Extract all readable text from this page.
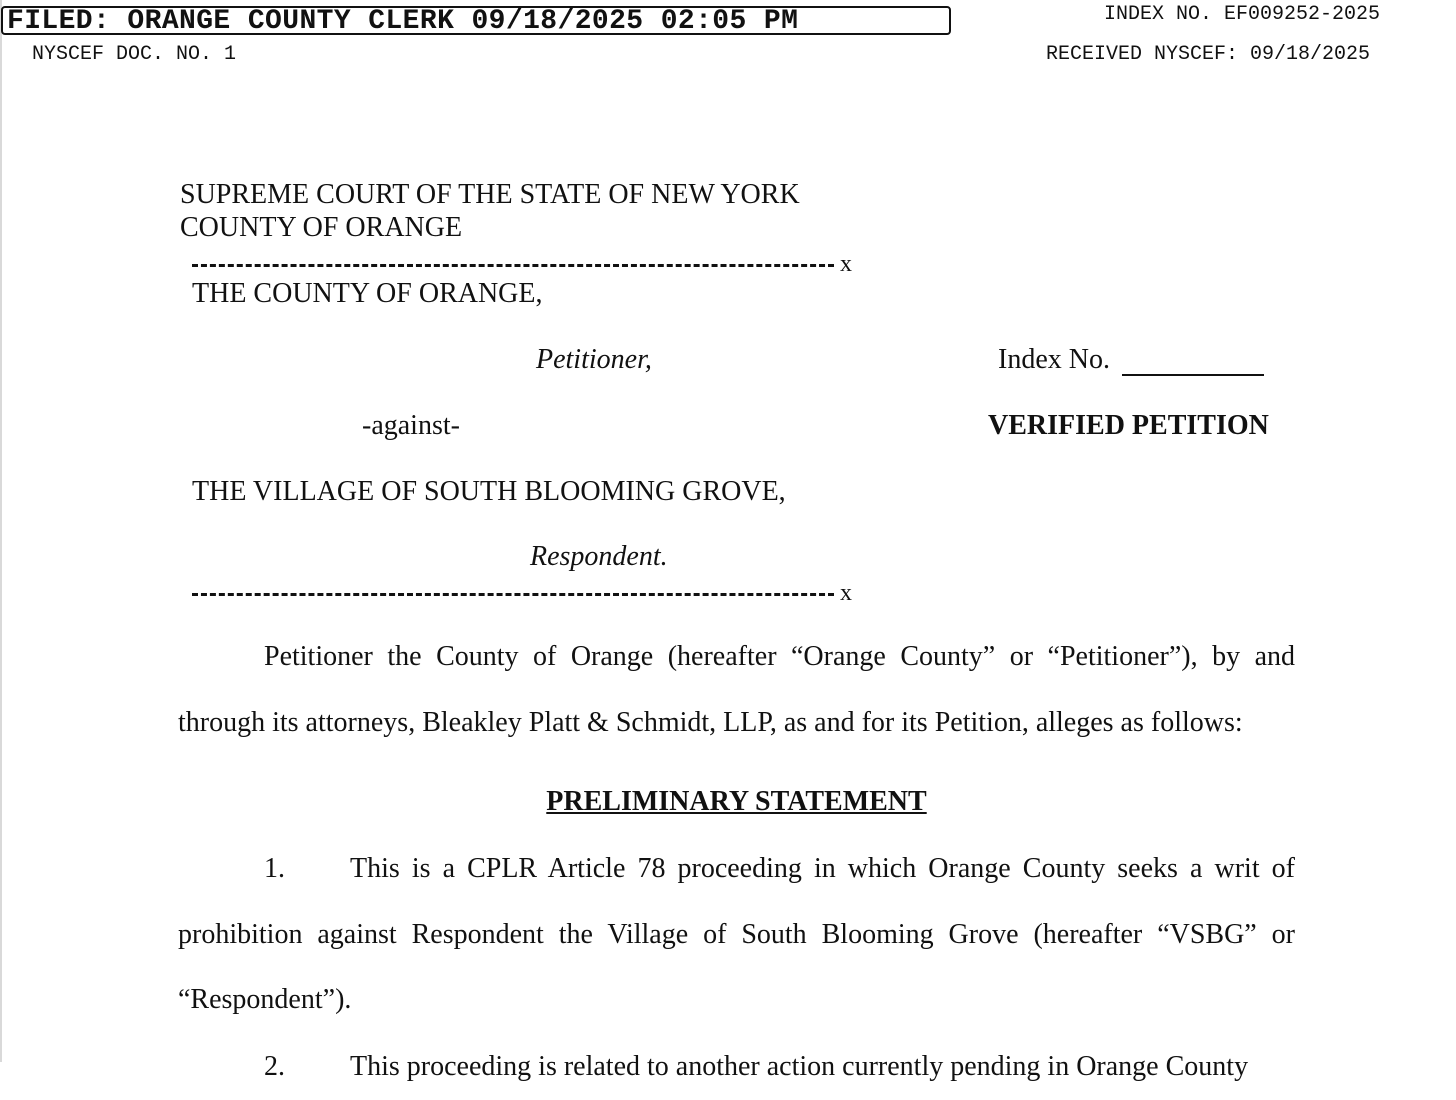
FILED: ORANGE COUNTY CLERK 09/18/2025 02:05 PM	INDEX NO. EF009252-2025
NYSCEF DOC. NO. 1	RECEIVED NYSCEF: 09/18/2025
SUPREME COURT OF THE STATE OF NEW YORK
COUNTY OF ORANGE
x
THE COUNTY OF ORANGE,
Petitioner,	Index No.
-against-	VERIFIED PETITION
THE VILLAGE OF SOUTH BLOOMING GROVE,
Respondent.
x
Petitioner the County of Orange (hereafter “Orange County” or “Petitioner”), by and through its attorneys, Bleakley Platt & Schmidt, LLP, as and for its Petition, alleges as follows:
PRELIMINARY STATEMENT
1. This is a CPLR Article 78 proceeding in which Orange County seeks a writ of prohibition against Respondent the Village of South Blooming Grove (hereafter “VSBG” or “Respondent”).
2. This proceeding is related to another action currently pending in Orange County
